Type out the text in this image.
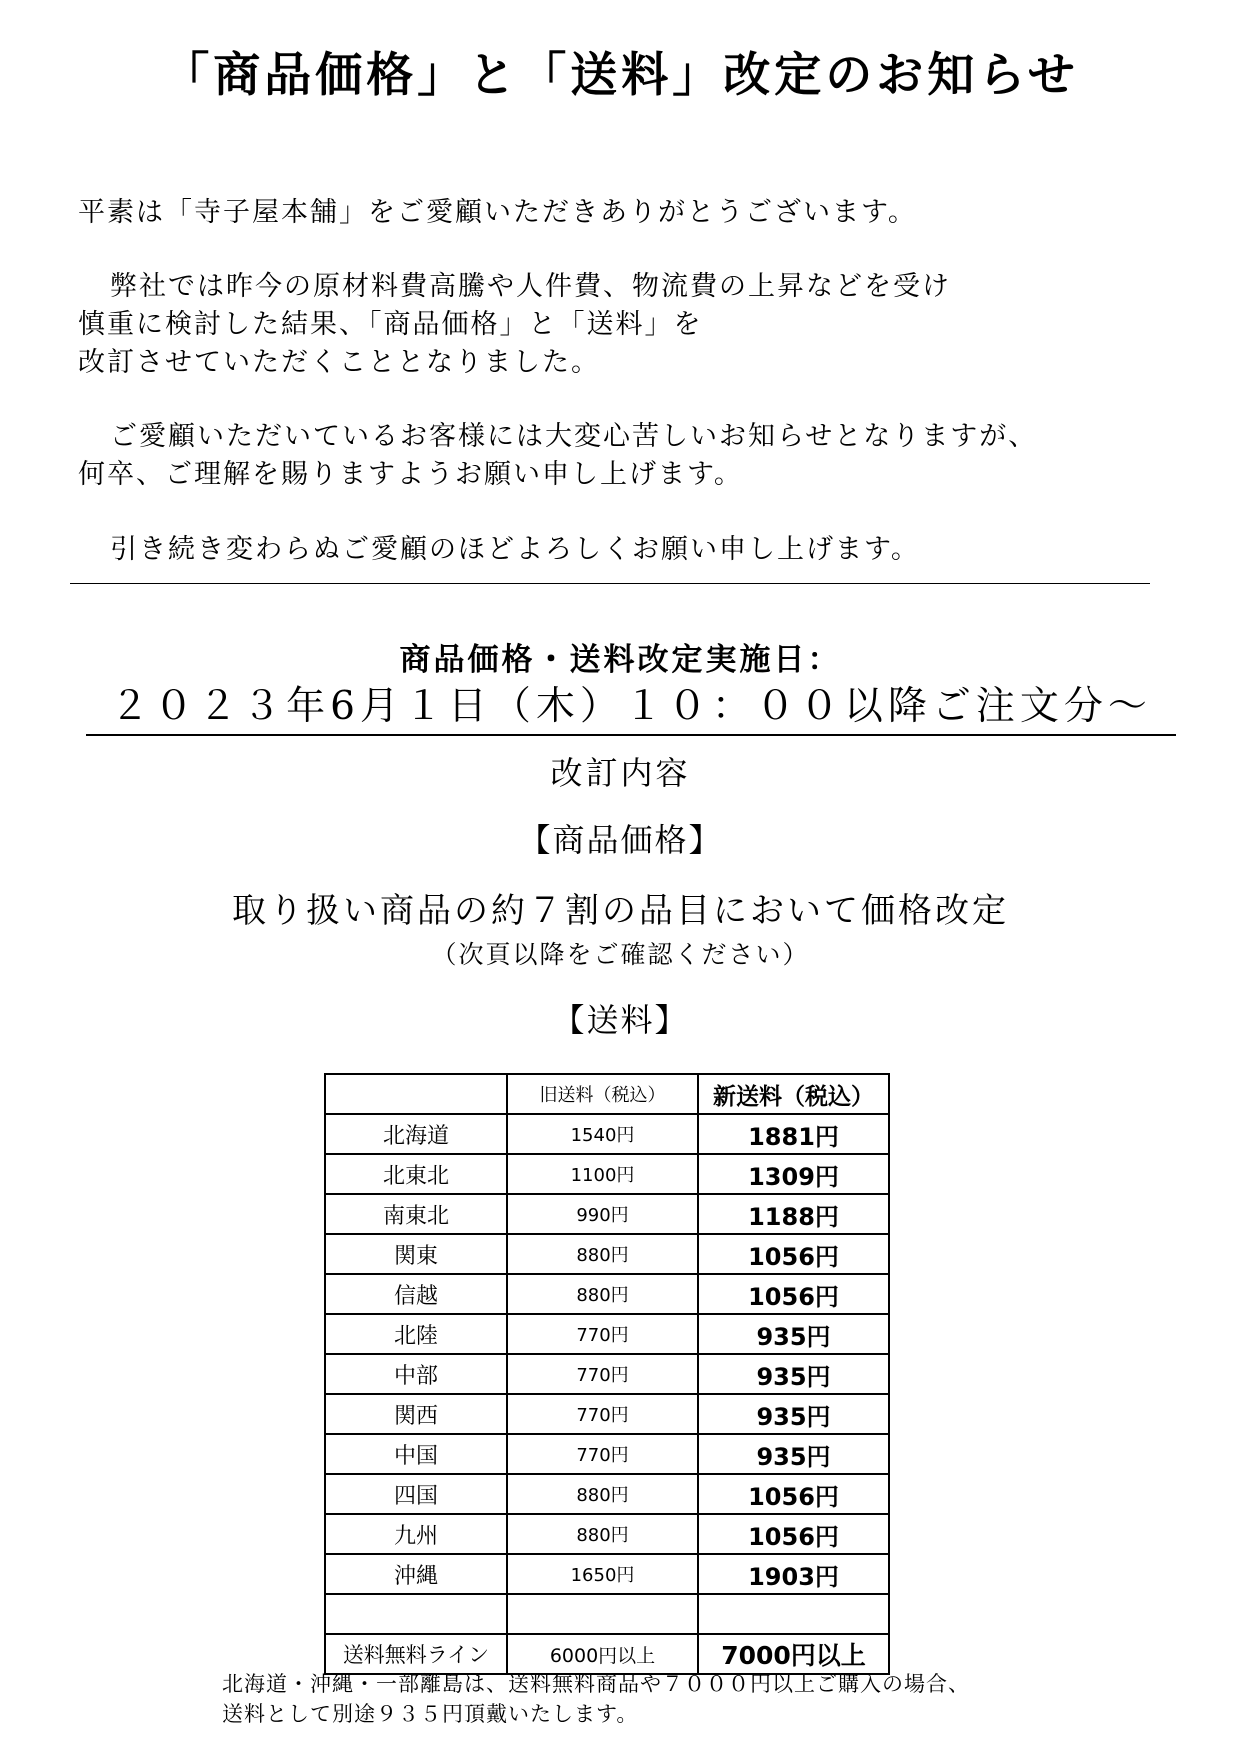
「商品価格」と「送料」改定のお知らせ
平素は「寺子屋本舗」をご愛顧いただきありがとうございます。
弊社では昨今の原材料費高騰や人件費、物流費の上昇などを受け
慎重に検討した結果、「商品価格」と「送料」を
改訂させていただくこととなりました。
ご愛顧いただいているお客様には大変心苦しいお知らせとなりますが、
何卒、ご理解を賜りますようお願い申し上げます。
引き続き変わらぬご愛顧のほどよろしくお願い申し上げます。
商品価格・送料改定実施日：
２０２３年6月１日（木）１０：００以降ご注文分～
改訂内容
【商品価格】
取り扱い商品の約７割の品目において価格改定
（次頁以降をご確認ください）
【送料】
	旧送料（税込）	新送料（税込）
北海道	1540円	1881円
北東北	1100円	1309円
南東北	990円	1188円
関東	880円	1056円
信越	880円	1056円
北陸	770円	935円
中部	770円	935円
関西	770円	935円
中国	770円	935円
四国	880円	1056円
九州	880円	1056円
沖縄	1650円	1903円

送料無料ライン	6000円以上	7000円以上
北海道・沖縄・一部離島は、送料無料商品や７０００円以上ご購入の場合、
送料として別途９３５円頂戴いたします。
